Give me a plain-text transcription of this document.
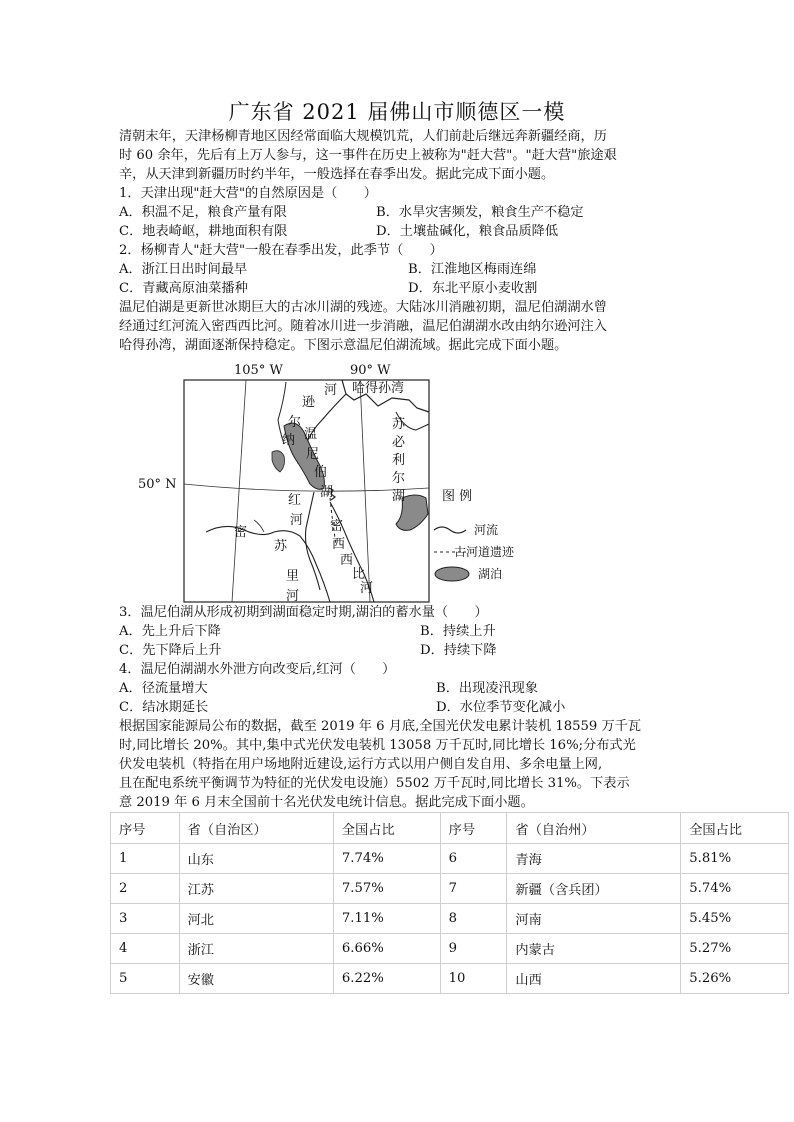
广东省 2021 届佛山市顺德区一模
清朝末年，天津杨柳青地区因经常面临大规模饥荒，人们前赴后继远奔新疆经商，历
时 60 余年，先后有上万人参与，这一事件在历史上被称为"赶大营"。"赶大营"旅途艰
辛，从天津到新疆历时约半年，一般选择在春季出发。据此完成下面小题。
1．天津出现"赶大营"的自然原因是（　　）
A．积温不足，粮食产量有限	B．水旱灾害频发，粮食生产不稳定
C．地表崎岖，耕地面积有限	D．土壤盐碱化，粮食品质降低
2．杨柳青人"赶大营"一般在春季出发，此季节（　　）
A．浙江日出时间最早	B．江淮地区梅雨连绵
C．青藏高原油菜播种	D．东北平原小麦收割
温尼伯湖是更新世冰期巨大的古冰川湖的残迹。大陆冰川消融初期，温尼伯湖湖水曾
经通过红河流入密西西比河。随着冰川进一步消融，温尼伯湖湖水改由纳尔逊河注入
哈得孙湾，湖面逐渐保持稳定。下图示意温尼伯湖流域。据此完成下面小题。
105° W	90° W
50° N
河 哈得孙湾
逊
尔
纳 温
尼
伯
湖
苏
必
利
尔
湖
红
河
密
苏
里
河
密
西
西
比
河
图 例
河流
古河道遗迹
湖泊
3．温尼伯湖从形成初期到湖面稳定时期,湖泊的蓄水量（　　）
A．先上升后下降	B．持续上升
C．先下降后上升	D．持续下降
4．温尼伯湖湖水外泄方向改变后,红河（　　）
A．径流量增大	B．出现凌汛现象
C．结冰期延长	D．水位季节变化减小
根据国家能源局公布的数据，截至 2019 年 6 月底,全国光伏发电累计装机 18559 万千瓦
时,同比增长 20%。其中,集中式光伏发电装机 13058 万千瓦时,同比增长 16%;分布式光
伏发电装机（特指在用户场地附近建设,运行方式以用户侧自发自用、多余电量上网,
且在配电系统平衡调节为特征的光伏发电设施）5502 万千瓦时,同比增长 31%。下表示
意 2019 年 6 月末全国前十名光伏发电统计信息。据此完成下面小题。
序号	省（自治区）	全国占比	序号	省（自治州）	全国占比
1	山东	7.74%	6	青海	5.81%
2	江苏	7.57%	7	新疆（含兵团）	5.74%
3	河北	7.11%	8	河南	5.45%
4	浙江	6.66%	9	内蒙古	5.27%
5	安徽	6.22%	10	山西	5.26%
